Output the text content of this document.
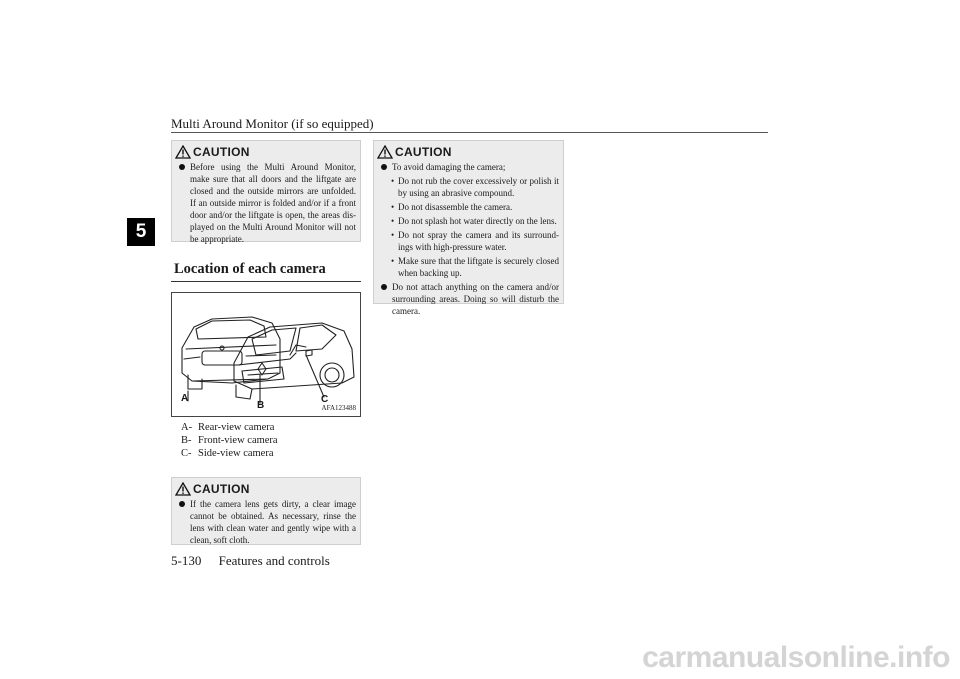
Multi Around Monitor (if so equipped)
5
CAUTION
Before using the Multi Around Monitor, make sure that all doors and the liftgate are closed and the outside mirrors are unfolded. If an outside mirror is folded and/or if a front door and/or the liftgate is open, the areas dis- played on the Multi Around Monitor will not be appropriate.
Location of each camera
A
B
C
AFA123488
A- Rear-view camera
B- Front-view camera
C- Side-view camera
CAUTION
If the camera lens gets dirty, a clear image cannot be obtained. As necessary, rinse the lens with clean water and gently wipe with a clean, soft cloth.
CAUTION
To avoid damaging the camera;
• Do not rub the cover excessively or polish it by using an abrasive compound.
• Do not disassemble the camera.
• Do not splash hot water directly on the lens.
• Do not spray the camera and its surround- ings with high-pressure water.
• Make sure that the liftgate is securely closed when backing up.
Do not attach anything on the camera and/or surrounding areas. Doing so will disturb the camera.
5-130 Features and controls
carmanualsonline.info
